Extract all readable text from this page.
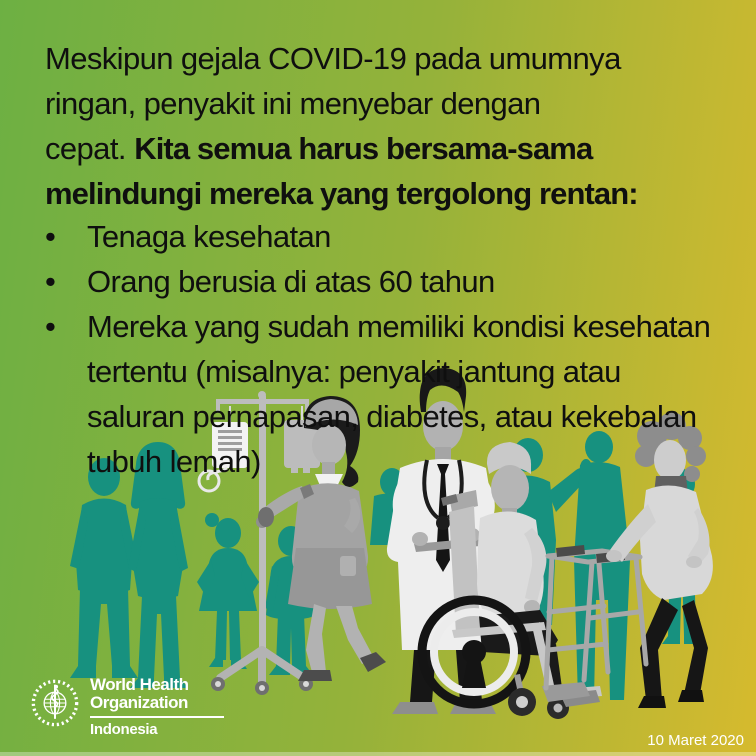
Meskipun gejala COVID-19 pada umumnya
ringan, penyakit ini menyebar dengan
cepat. Kita semua harus bersama-sama
melindungi mereka yang tergolong rentan:
•	Tenaga kesehatan
•	Orang berusia di atas 60 tahun
•	Mereka yang sudah memiliki kondisi kesehatan
tertentu (misalnya: penyakit jantung atau
saluran pernapasan, diabetes, atau kekebalan
tubuh lemah)
World Health
Organization
Indonesia
10 Maret 2020
